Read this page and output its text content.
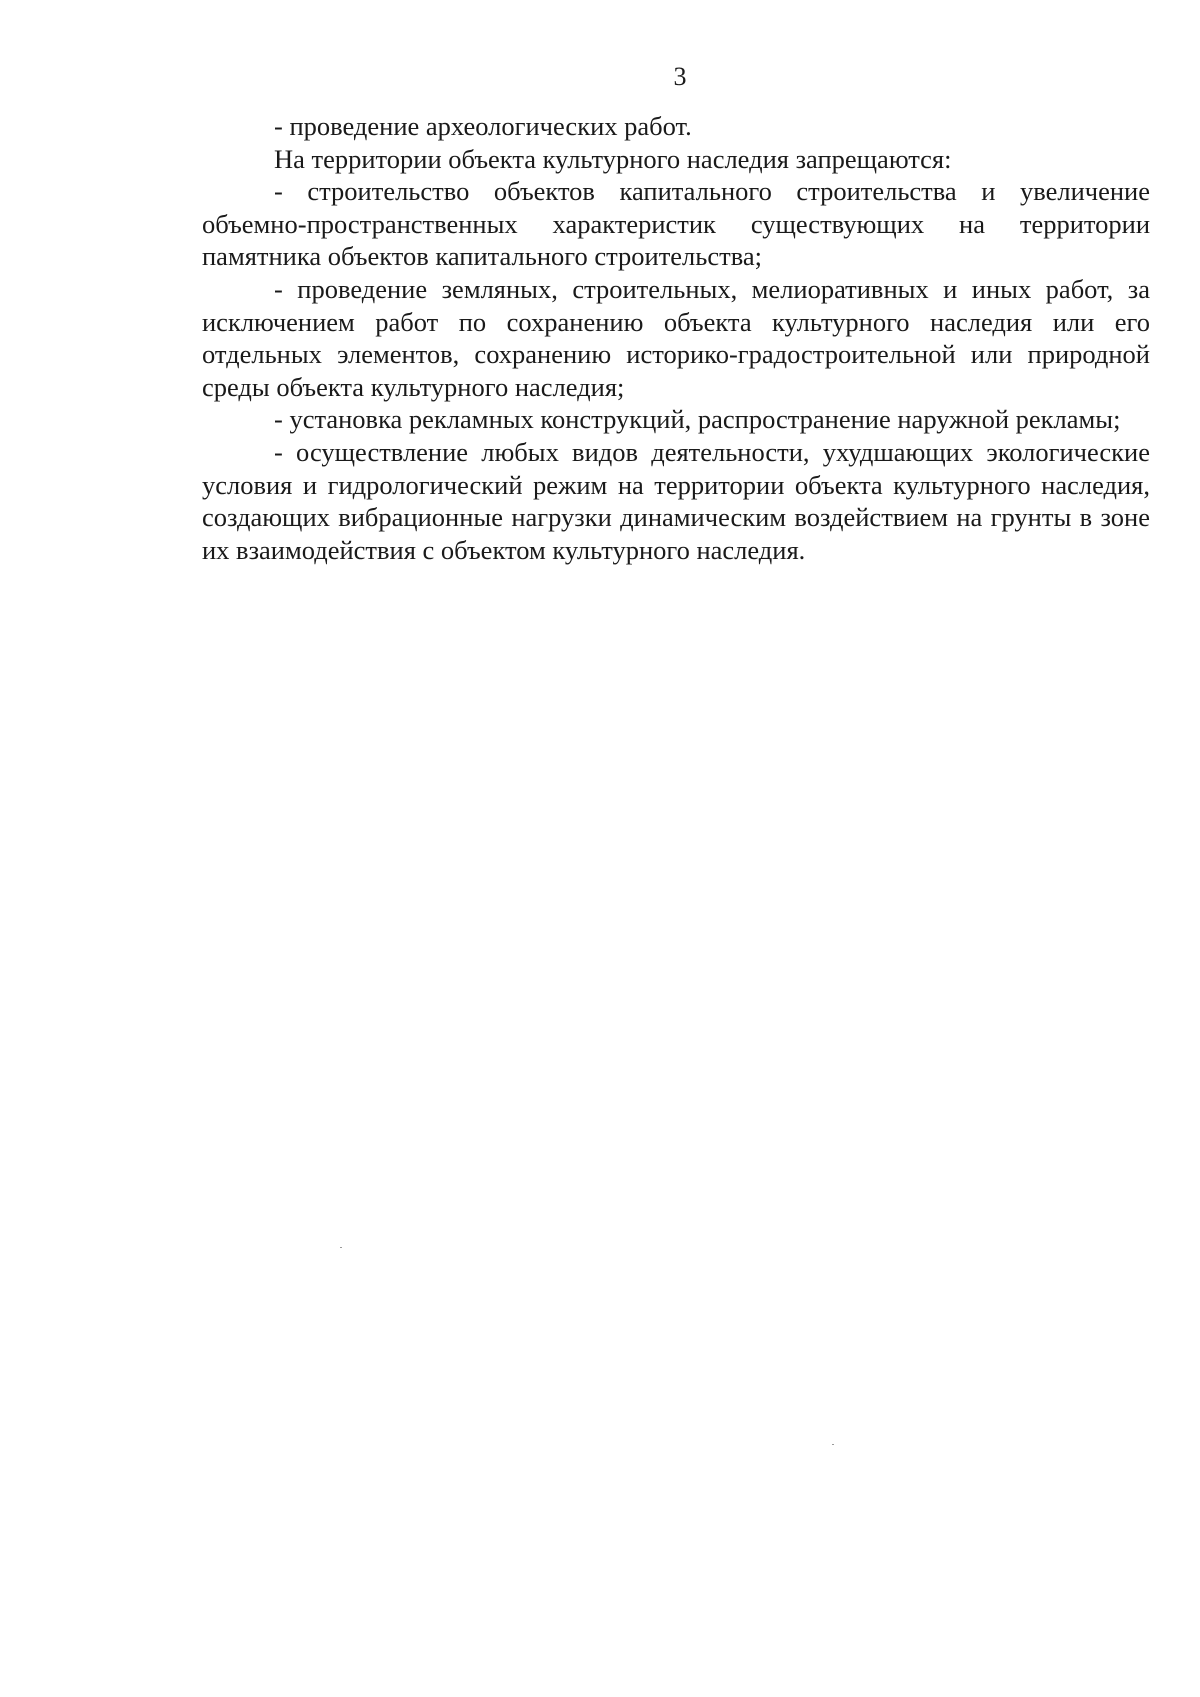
3

- проведение археологических работ.

На территории объекта культурного наследия запрещаются:

- строительство объектов капитального строительства и увеличение объемно-пространственных характеристик существующих на территории памятника объектов капитального строительства;

- проведение земляных, строительных, мелиоративных и иных работ, за исключением работ по сохранению объекта культурного наследия или его отдельных элементов, сохранению историко-градостроительной или природной среды объекта культурного наследия;

- установка рекламных конструкций, распространение наружной рекламы;

- осуществление любых видов деятельности, ухудшающих экологические условия и гидрологический режим на территории объекта культурного наследия, создающих вибрационные нагрузки динамическим воздействием на грунты в зоне их взаимодействия с объектом культурного наследия.
